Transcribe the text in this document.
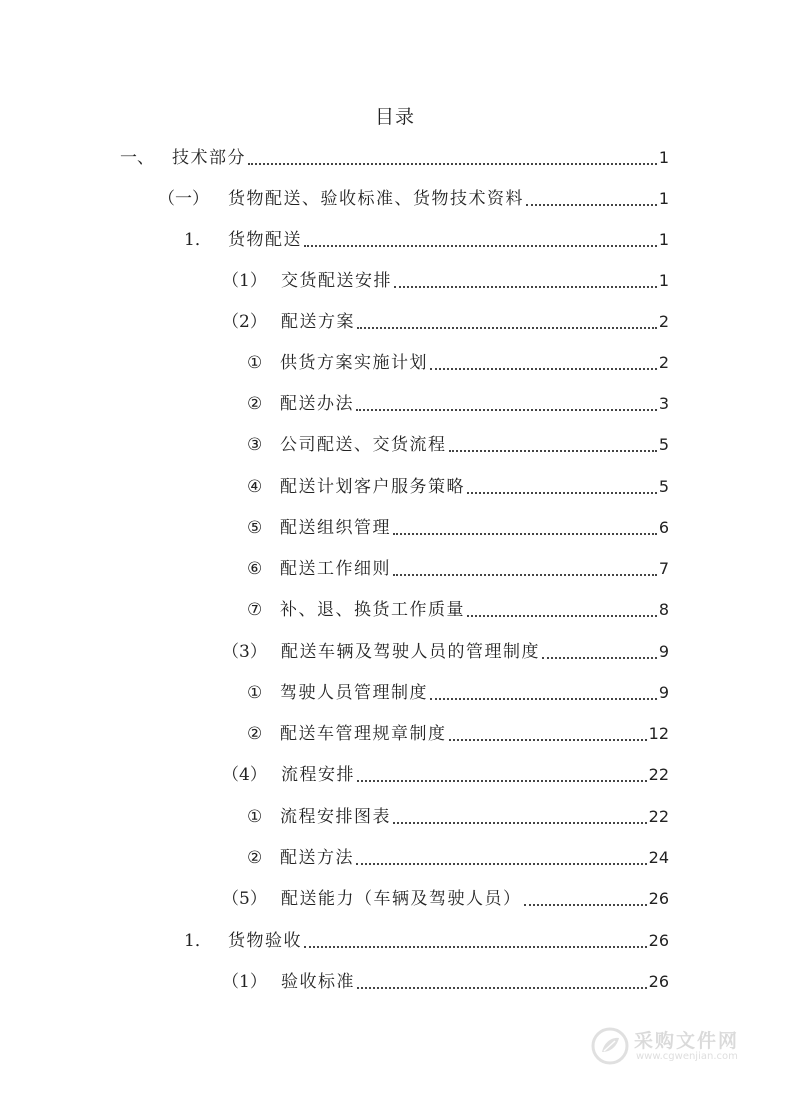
目录
一、	技术部分	1
（一）	货物配送、验收标准、货物技术资料	1
1． 货物配送	1
（1） 交货配送安排	1
（2） 配送方案	2
①	供货方案实施计划	2
②	配送办法	3
③	公司配送、交货流程	5
④	配送计划客户服务策略	5
⑤	配送组织管理	6
⑥	配送工作细则	7
⑦	补、退、换货工作质量	8
（3） 配送车辆及驾驶人员的管理制度	9
①	驾驶人员管理制度	9
②	配送车管理规章制度	12
（4） 流程安排	22
①	流程安排图表	22
②	配送方法	24
（5） 配送能力（车辆及驾驶人员）	26
1． 货物验收	26
（1） 验收标准	26
采购文件网
www.cgwenjian.com
